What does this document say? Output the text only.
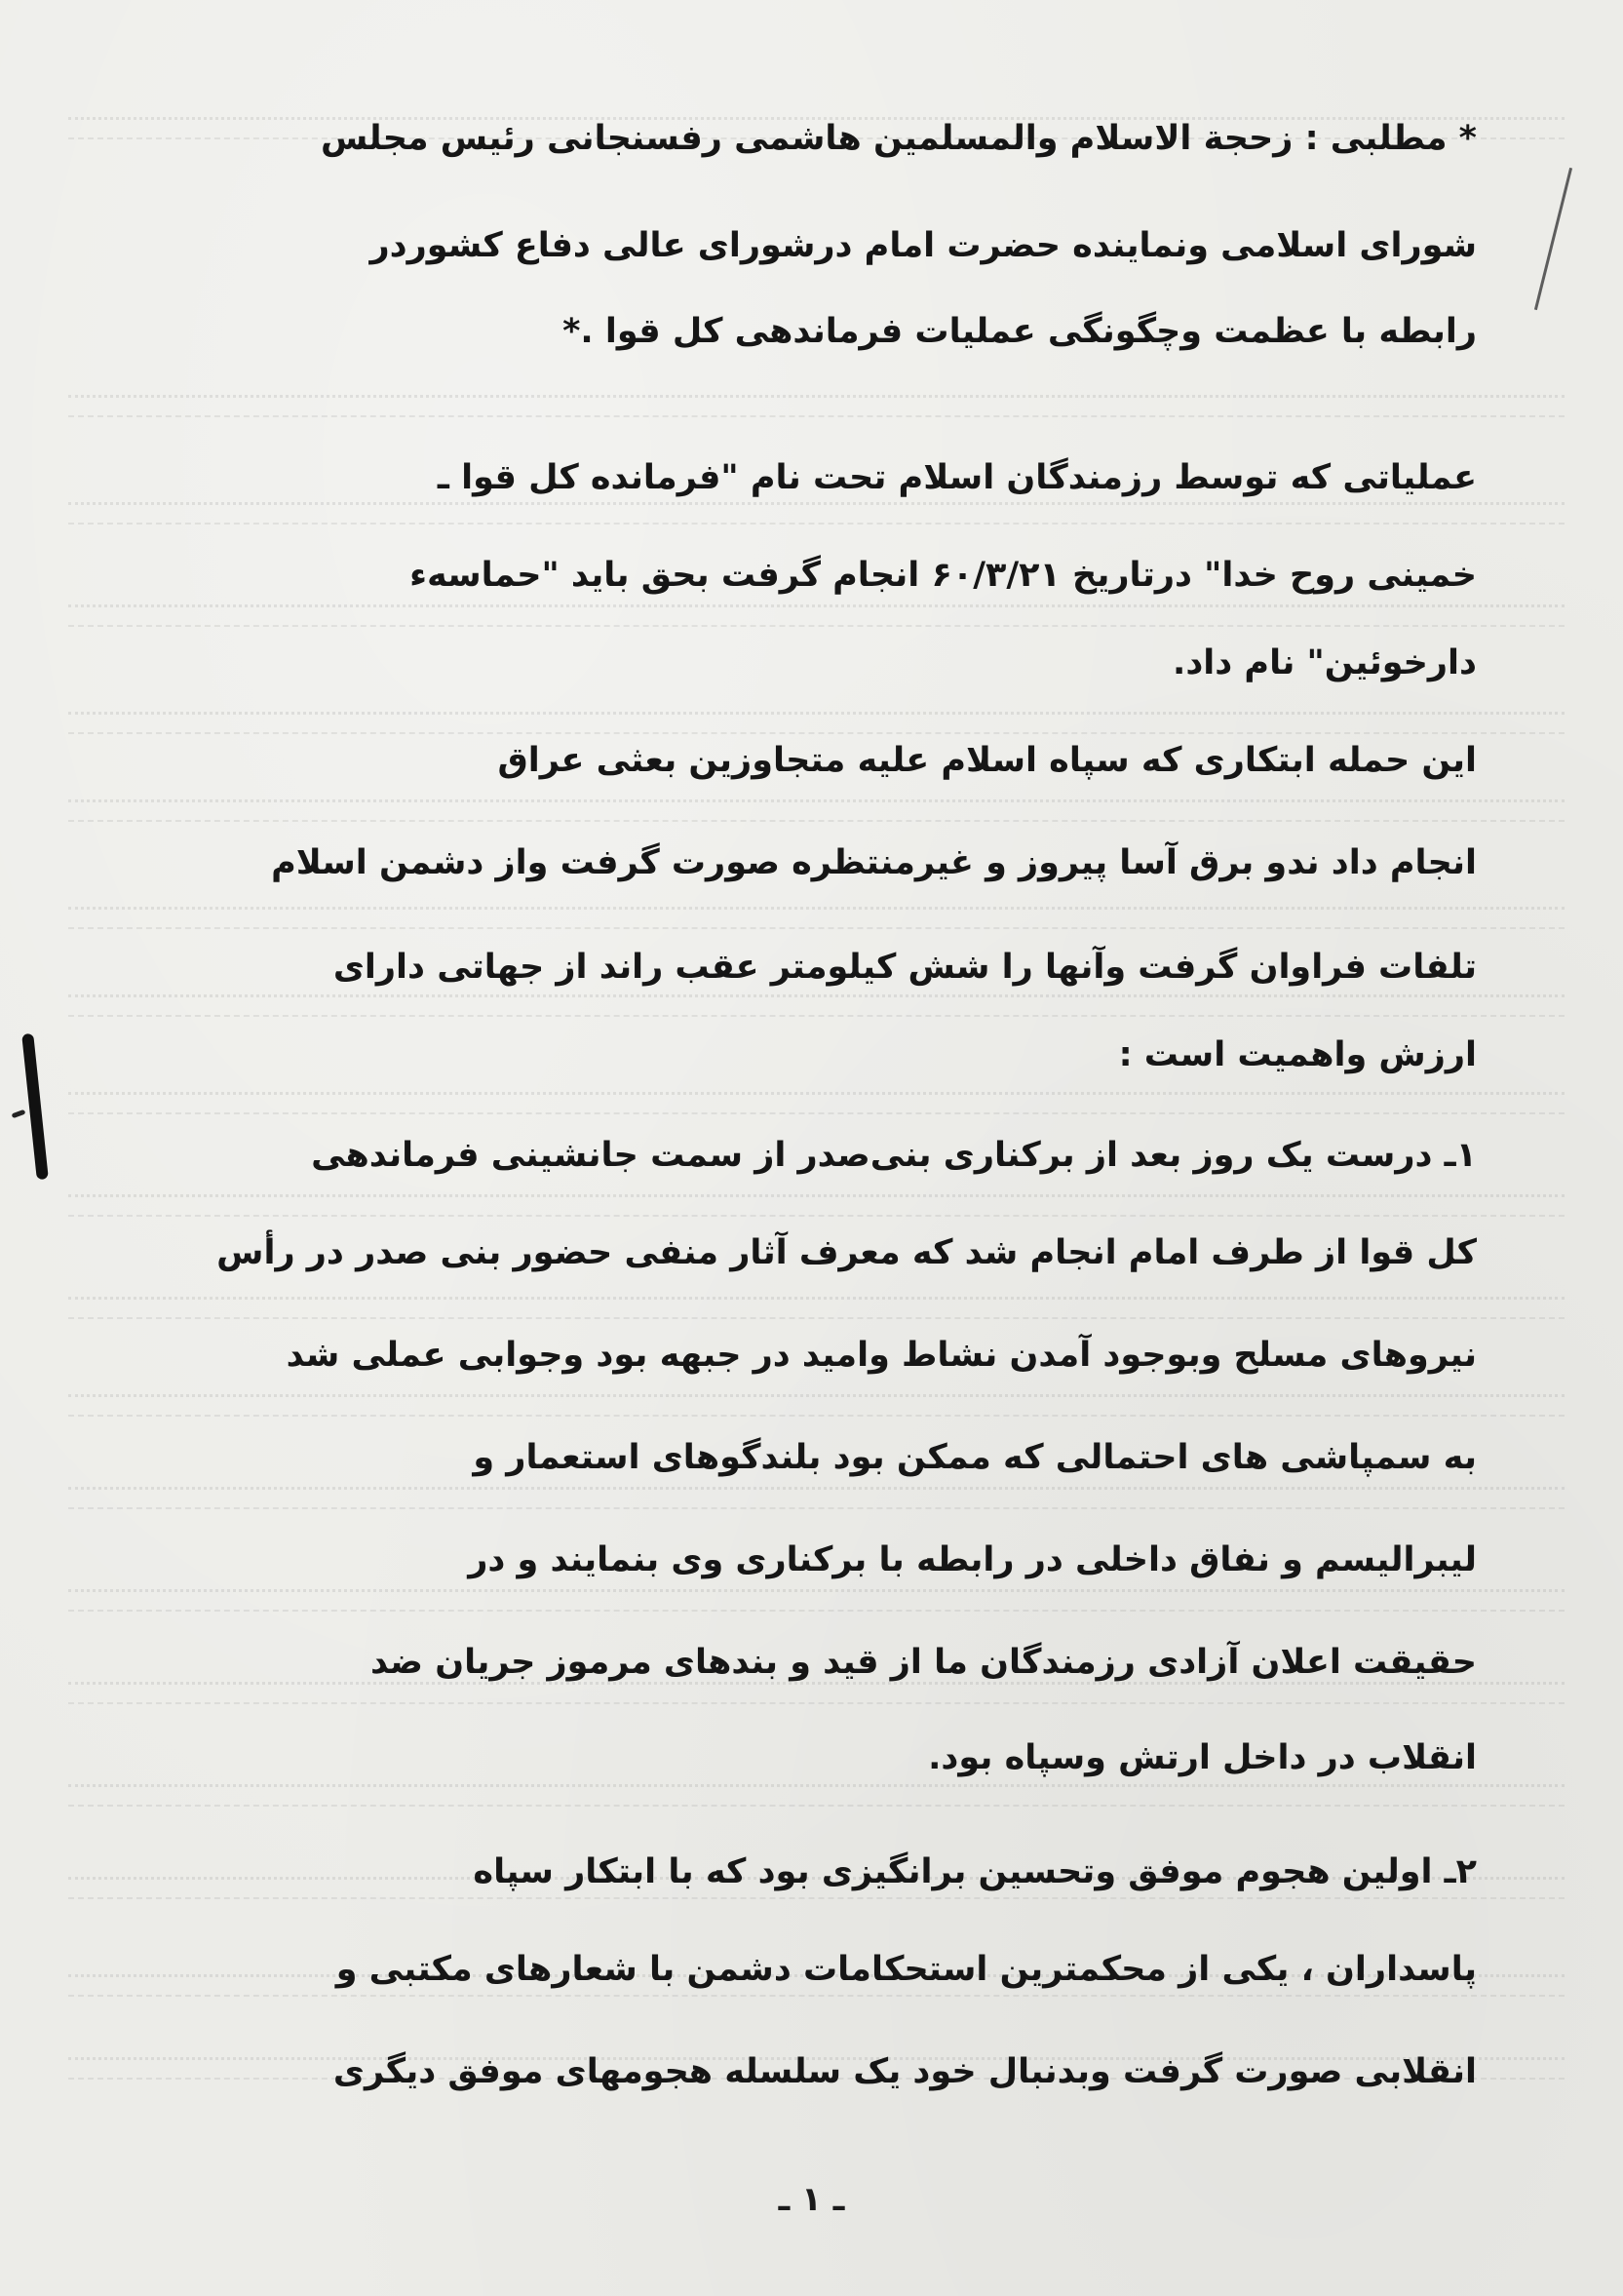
* مطلبی : زحجة الاسلام والمسلمین هاشمی رفسنجانی رئیس مجلس
شورای اسلامی ونماینده حضرت امام درشورای عالی دفاع کشوردر
رابطه با عظمت وچگونگی عملیات فرماندهی کل قوا .*
عملیاتی که توسط رزمندگان اسلام تحت نام "فرمانده کل قوا ـ
خمینی روح خدا" درتاریخ ۶۰/۳/۲۱ انجام گرفت بحق باید "حماسهء
دارخوئین" نام داد.
این حمله ابتکاری که سپاه اسلام علیه متجاوزین بعثی عراق
انجام داد ندو برق آسا پیروز و غیرمنتظره صورت گرفت واز دشمن اسلام
تلفات فراوان گرفت وآنها را شش کیلومتر عقب راند از جهاتی دارای
ارزش واهمیت است :
۱ـ درست یک روز بعد از برکناری بنی‌صدر از سمت جانشینی فرماندهی
کل قوا از طرف امام انجام شد که معرف آثار منفی حضور بنی صدر در رأس
نیروهای مسلح وبوجود آمدن نشاط وامید در جبهه بود وجوابی عملی شد
به سمپاشی های احتمالی که ممکن بود بلندگوهای استعمار و
لیبرالیسم و نفاق داخلی در رابطه با برکناری وی بنمایند و در
حقیقت اعلان آزادی رزمندگان ما از قید و بندهای مرموز جریان ضد
انقلاب در داخل ارتش وسپاه بود.
۲ـ اولین هجوم موفق وتحسین برانگیزی بود که با ابتکار سپاه
پاسداران ، یکی از محکمترین استحکامات دشمن با شعارهای مکتبی و
انقلابی صورت گرفت وبدنبال خود یک سلسله هجومهای موفق دیگری
ـ ۱ ـ
